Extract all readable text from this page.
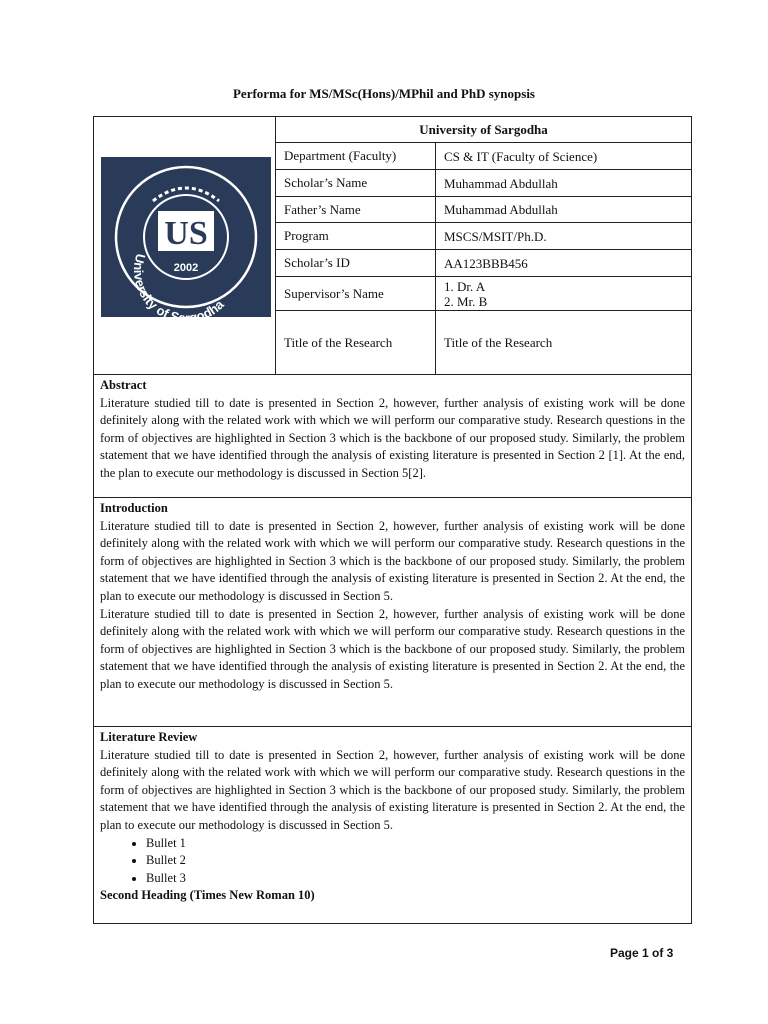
Performa for MS/MSc(Hons)/MPhil and PhD synopsis
University of S odha
US
2002
University of Sargodha
Department (Faculty)	CS & IT (Faculty of Science)
Scholar’s Name	Muhammad Abdullah
Father’s Name	Muhammad Abdullah
Program	MSCS/MSIT/Ph.D.
Scholar’s ID	AA123BBB456
Supervisor’s Name	1. Dr. A
2. Mr. B
Title of the Research	Title of the Research
Abstract

Literature studied till to date is presented in Section 2, however, further analysis of existing work will be done definitely along with the related work with which we will perform our comparative study. Research questions in the form of objectives are highlighted in Section 3 which is the backbone of our proposed study. Similarly, the problem statement that we have identified through the analysis of existing literature is presented in Section 2 [1]. At the end, the plan to execute our methodology is discussed in Section 5[2].

Introduction

Literature studied till to date is presented in Section 2, however, further analysis of existing work will be done definitely along with the related work with which we will perform our comparative study. Research questions in the form of objectives are highlighted in Section 3 which is the backbone of our proposed study. Similarly, the problem statement that we have identified through the analysis of existing literature is presented in Section 2. At the end, the plan to execute our methodology is discussed in Section 5.

Literature studied till to date is presented in Section 2, however, further analysis of existing work will be done definitely along with the related work with which we will perform our comparative study. Research questions in the form of objectives are highlighted in Section 3 which is the backbone of our proposed study. Similarly, the problem statement that we have identified through the analysis of existing literature is presented in Section 2. At the end, the plan to execute our methodology is discussed in Section 5.

Literature Review

Literature studied till to date is presented in Section 2, however, further analysis of existing work will be done definitely along with the related work with which we will perform our comparative study. Research questions in the form of objectives are highlighted in Section 3 which is the backbone of our proposed study. Similarly, the problem statement that we have identified through the analysis of existing literature is presented in Section 2. At the end, the plan to execute our methodology is discussed in Section 5.

• Bullet 1
• Bullet 2
• Bullet 3
Second Heading (Times New Roman 10)
Page 1 of 3
